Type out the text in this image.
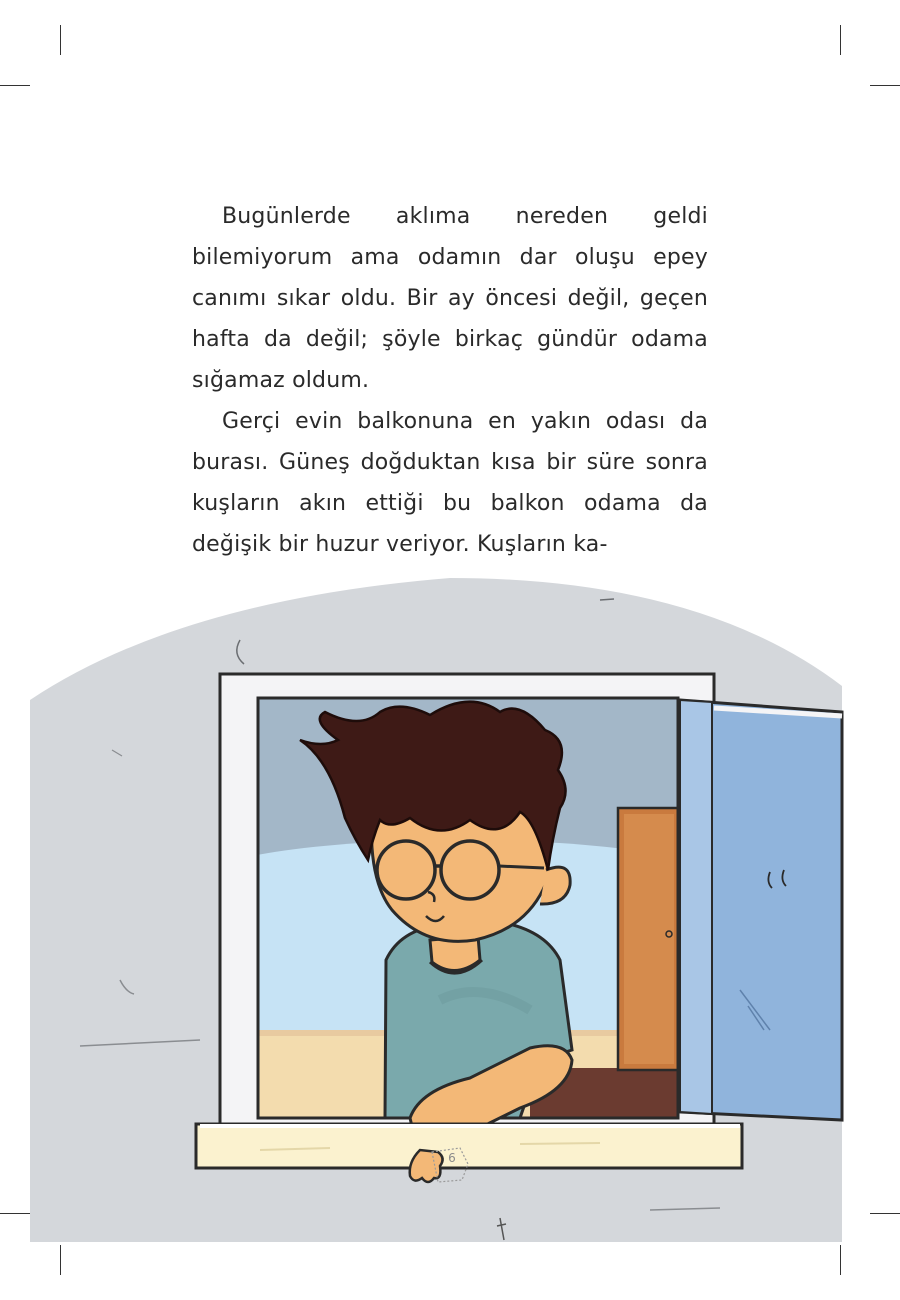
Bugünlerde aklıma nereden geldi bilemiyorum ama odamın dar oluşu epey canımı sıkar oldu. Bir ay öncesi değil, geçen hafta da değil; şöyle birkaç gündür odama sığamaz oldum.

Gerçi evin balkonuna en yakın odası da burası. Güneş doğduktan kısa bir süre sonra kuşların akın ettiği bu balkon odama da değişik bir huzur veriyor. Kuşların ka-

6
